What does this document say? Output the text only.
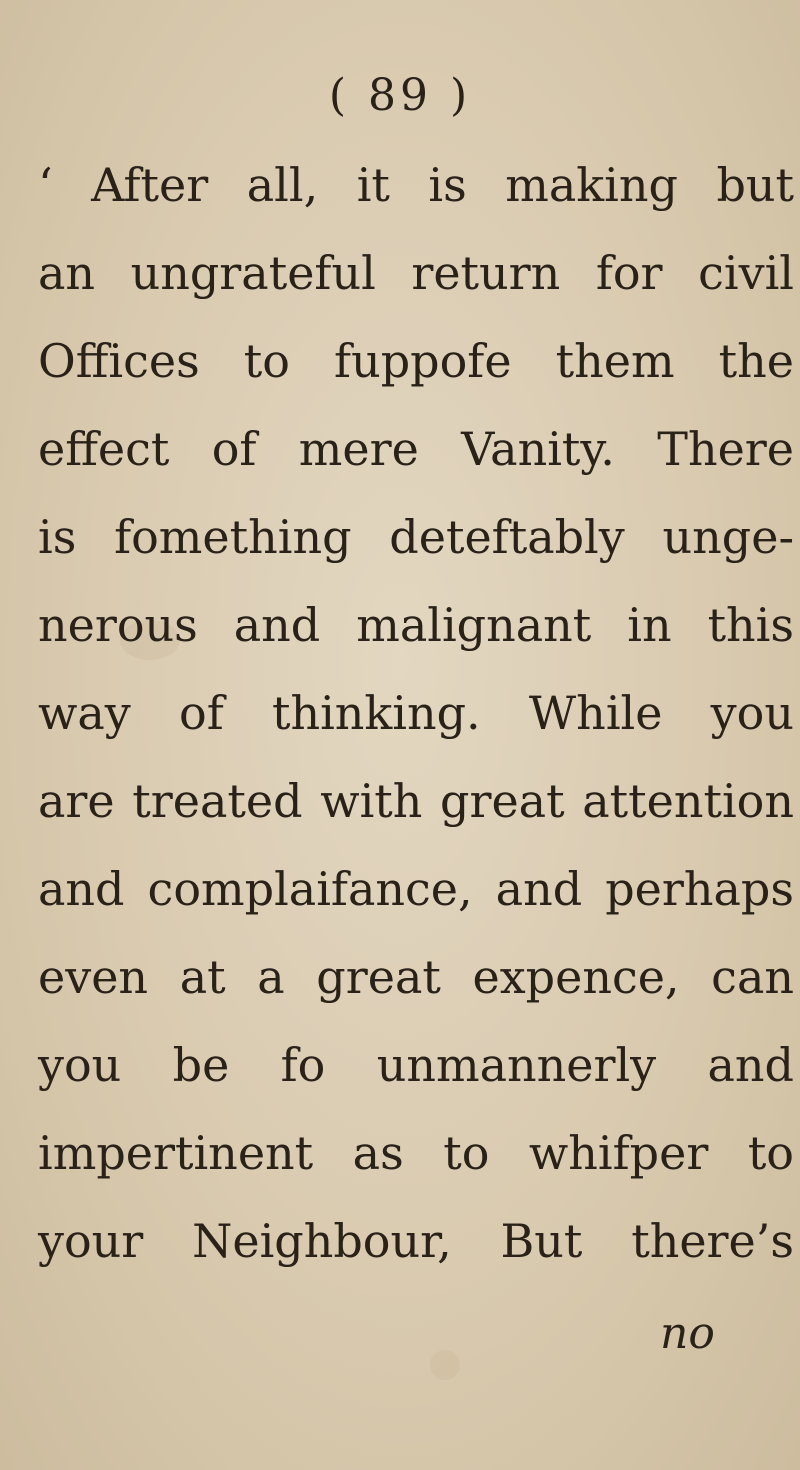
( 89 )
‘ After all, it is making but
an ungrateful return for civil
Offices to fuppofe them the
effect of mere Vanity. There
is fomething deteftably unge-
nerous and malignant in this
way of thinking. While you
are treated with great attention
and complaifance, and perhaps
even at a great expence, can
you be fo unmannerly and
impertinent as to whifper to
your Neighbour, But there’s
no
